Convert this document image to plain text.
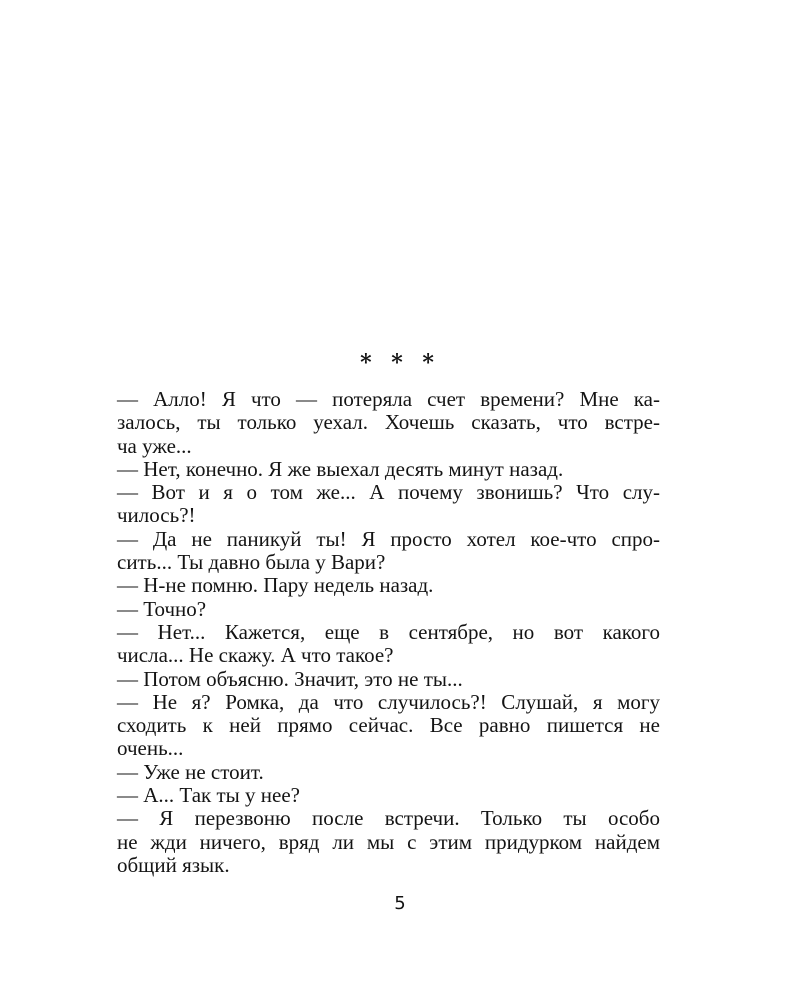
* * *
— Алло! Я что — потеряла счет времени? Мне ка-
залось, ты только уехал. Хочешь сказать, что встре-
ча уже...
— Нет, конечно. Я же выехал десять минут назад.
— Вот и я о том же... А почему звонишь? Что слу-
чилось?!
— Да не паникуй ты! Я просто хотел кое-что спро-
сить... Ты давно была у Вари?
— Н-не помню. Пару недель назад.
— Точно?
— Нет... Кажется, еще в сентябре, но вот какого
числа... Не скажу. А что такое?
— Потом объясню. Значит, это не ты...
— Не я? Ромка, да что случилось?! Слушай, я могу
сходить к ней прямо сейчас. Все равно пишется не
очень...
— Уже не стоит.
— А... Так ты у нее?
— Я перезвоню после встречи. Только ты особо
не жди ничего, вряд ли мы с этим придурком найдем
общий язык.
5
